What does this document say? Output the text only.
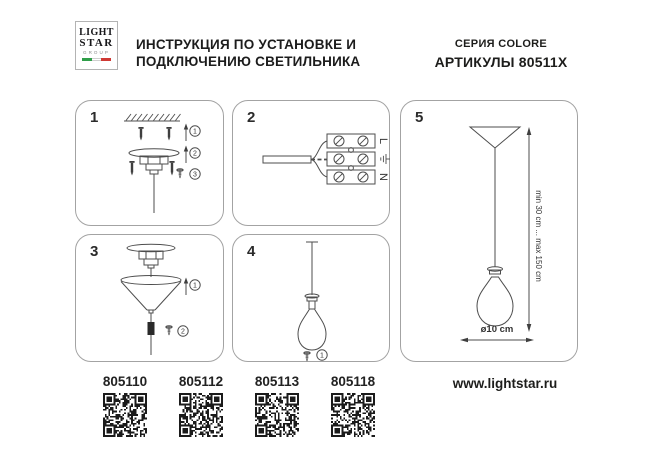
LIGHT
STAR
GROUP
ИНСТРУКЦИЯ ПО УСТАНОВКЕ И
ПОДКЛЮЧЕНИЮ СВЕТИЛЬНИКА
СЕРИЯ COLORE
АРТИКУЛЫ 80511X
1
1
2
3
2
L
N
3
1
2
4
1
5
min 30 cm ... max 150 cm
ø10 cm
805110	805112	805113	805118	www.lightstar.ru
